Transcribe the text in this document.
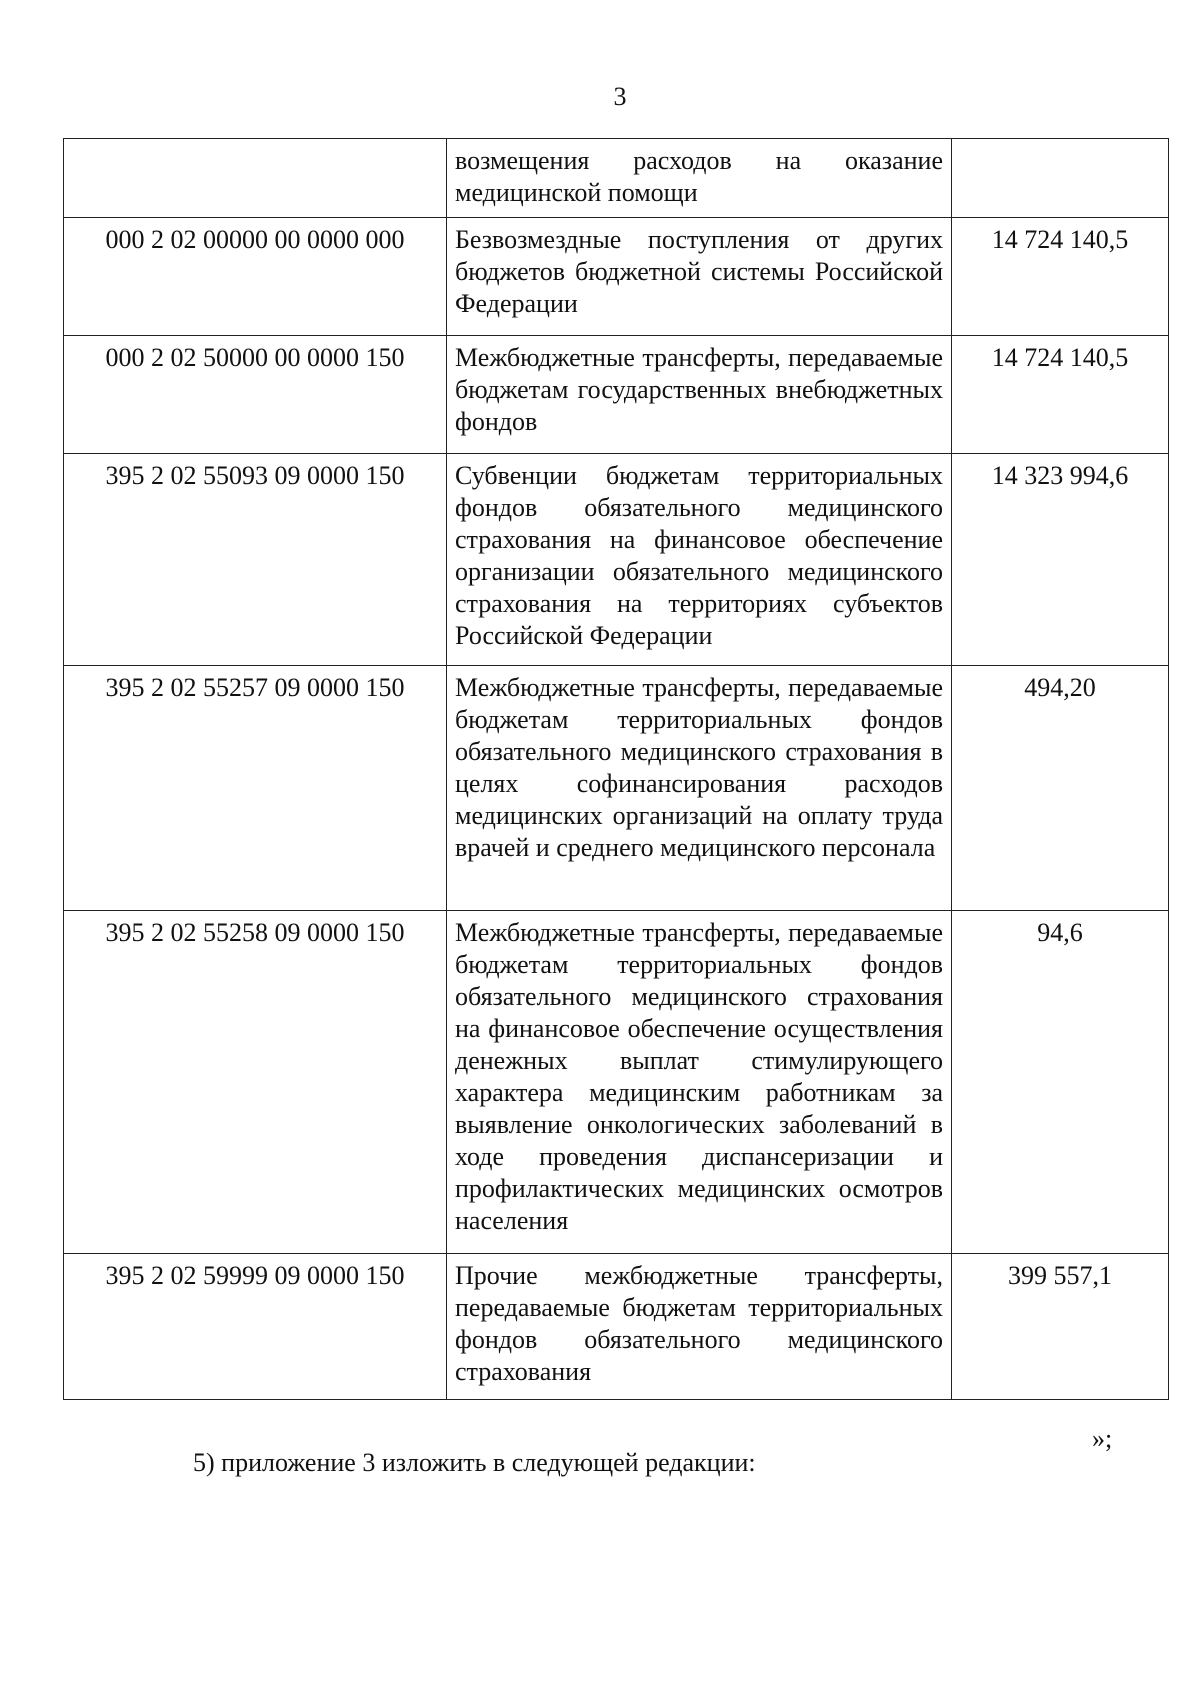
3

	возмещения расходов на оказание медицинской помощи	

000 2 02 00000 00 0000 000	Безвозмездные поступления от других бюджетов бюджетной системы Российской Федерации	14 724 140,5
000 2 02 50000 00 0000 150	Межбюджетные трансферты, передаваемые бюджетам государственных внебюджетных фондов	14 724 140,5
395 2 02 55093 09 0000 150	Субвенции бюджетам территориальных фондов обязательного медицинского страхования на финансовое обеспечение организации обязательного медицинского страхования на территориях субъектов Российской Федерации	14 323 994,6
395 2 02 55257 09 0000 150	Межбюджетные трансферты, передаваемые бюджетам территориальных фондов обязательного медицинского страхования в целях софинансирования расходов медицинских организаций на оплату труда врачей и среднего медицинского персонала	494,20
395 2 02 55258 09 0000 150	Межбюджетные трансферты, передаваемые бюджетам территориальных фондов обязательного медицинского страхования на финансовое обеспечение осуществления денежных выплат стимулирующего характера медицинским работникам за выявление онкологических заболеваний в ходе проведения диспансеризации и профилактических медицинских осмотров населения	94,6
395 2 02 59999 09 0000 150	Прочие межбюджетные трансферты, передаваемые бюджетам территориальных фондов обязательного медицинского страхования	399 557,1
»;
5) приложение 3 изложить в следующей редакции:
